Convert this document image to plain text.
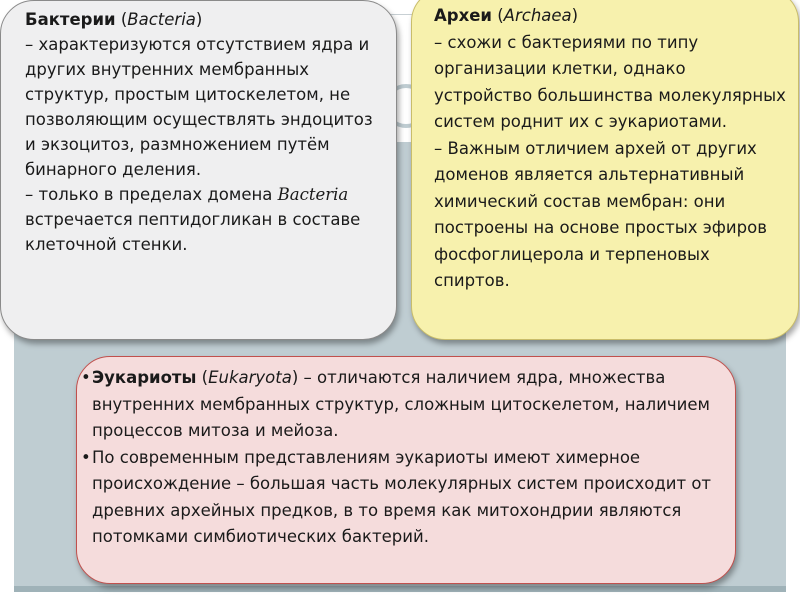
Бактерии (Bacteria)

– характеризуются отсутствием ядра и других внутренних мембранных структур, простым цитоскелетом, не позволяющим осуществлять эндоцитоз и экзоцитоз, размножением путём бинарного деления.

– только в пределах домена Bacteria встречается пептидогликан в составе клеточной стенки.

Археи (Archaea)

– схожи с бактериями по типу организации клетки, однако устройство большинства молекулярных систем роднит их с эукариотами.

– Важным отличием архей от других доменов является альтернативный химический состав мембран: они построены на основе простых эфиров фосфоглицерола и терпеновых спиртов.

• Эукариоты (Eukaryota) – отличаются наличием ядра, множества внутренних мембранных структур, сложным цитоскелетом, наличием процессов митоза и мейоза.
• По современным представлениям эукариоты имеют химерное происхождение – большая часть молекулярных систем происходит от древних архейных предков, в то время как митохондрии являются потомками симбиотических бактерий.
